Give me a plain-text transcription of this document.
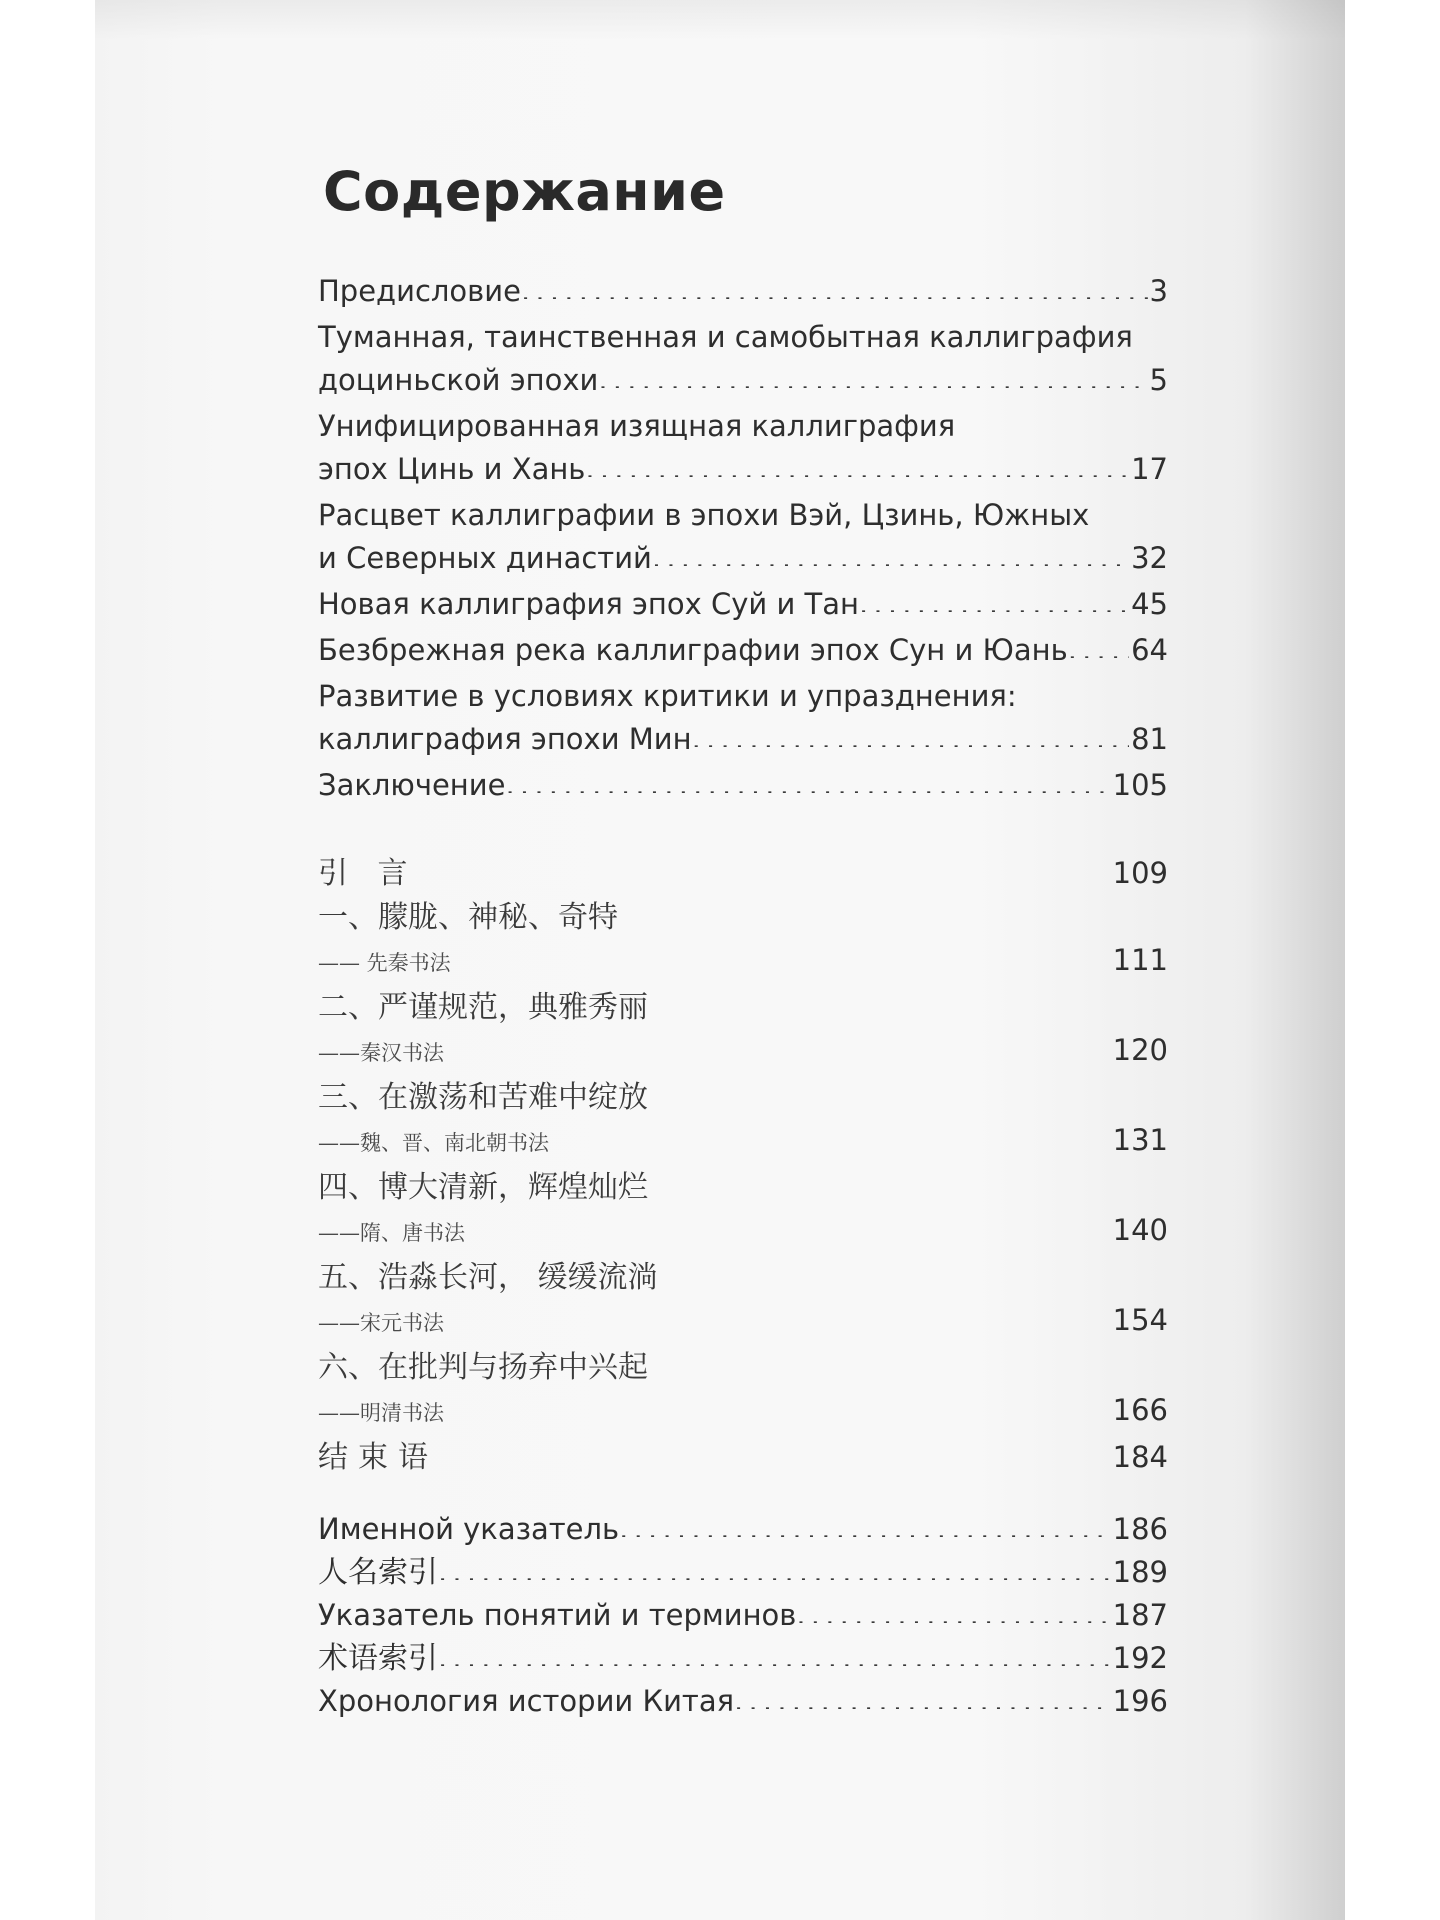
Содержание
Предисловие . . .	3
Туманная, таинственная и самобытная каллиграфия
доциньской эпохи . . .	5
Унифицированная изящная каллиграфия
эпох Цинь и Хань . . .	17
Расцвет каллиграфии в эпохи Вэй, Цзинь, Южных
и Северных династий . . .	32
Новая каллиграфия эпох Суй и Тан . . .	45
Безбрежная река каллиграфии эпох Сун и Юань . . . 64
Развитие в условиях критики и упразднения:
каллиграфия эпохи Мин . . .	81
Заключение . . .	105
引 言 · ·	109
一、朦胧、神秘、奇特
—— 先秦书法 · ·	111
二、严谨规范，典雅秀丽
——秦汉书法 · ·	120
三、在激荡和苦难中绽放
——魏、晋、南北朝书法 · ·	131
四、博大清新，辉煌灿烂
——隋、唐书法 · ·	140
五、浩淼长河， 缓缓流淌
——宋元书法 · ·	154
六、在批判与扬弃中兴起
——明清书法 · ·	166
结束语 · ·	184
Именной указатель . . .	186
人名索引 . . .	189
Указатель понятий и терминов . . .	187
术语索引 . . .	192
Хронология истории Китая . . .	196
